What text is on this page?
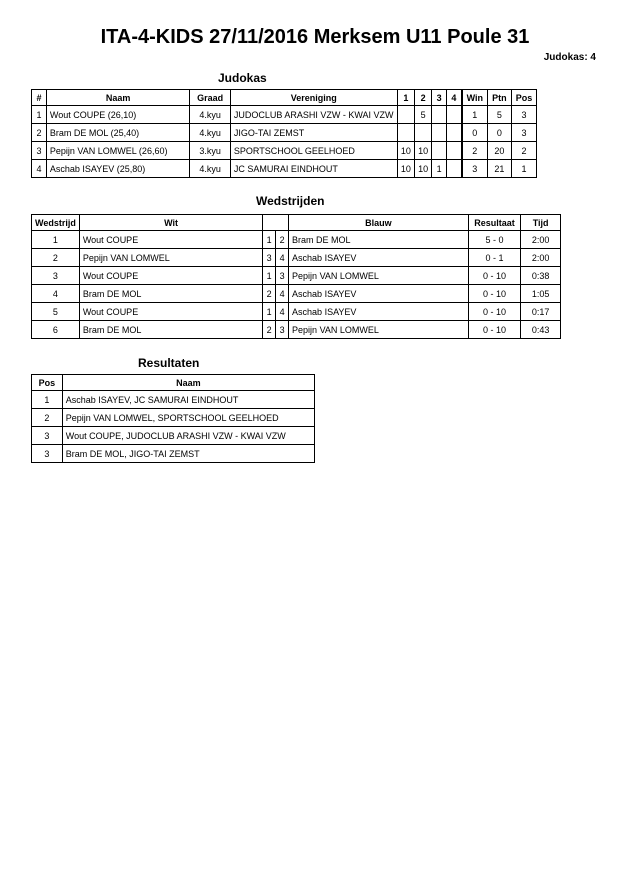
ITA-4-KIDS 27/11/2016 Merksem U11 Poule 31
Judokas: 4
Judokas
#	Naam	Graad	Vereniging	1	2	3	4	Win	Ptn	Pos
1	Wout COUPE (26,10)	4.kyu	JUDOCLUB ARASHI VZW - KWAI VZW		5			1	5	3
2	Bram DE MOL (25,40)	4.kyu	JIGO-TAI ZEMST					0	0	3
3	Pepijn VAN LOMWEL (26,60)	3.kyu	SPORTSCHOOL GEELHOED	10	10			2	20	2
4	Aschab ISAYEV (25,80)	4.kyu	JC SAMURAI EINDHOUT	10	10	1		3	21	1
Wedstrijden
Wedstrijd	Wit			Blauw	Resultaat	Tijd
1	Wout COUPE	1	2	Bram DE MOL	5 - 0	2:00
2	Pepijn VAN LOMWEL	3	4	Aschab ISAYEV	0 - 1	2:00
3	Wout COUPE	1	3	Pepijn VAN LOMWEL	0 - 10	0:38
4	Bram DE MOL	2	4	Aschab ISAYEV	0 - 10	1:05
5	Wout COUPE	1	4	Aschab ISAYEV	0 - 10	0:17
6	Bram DE MOL	2	3	Pepijn VAN LOMWEL	0 - 10	0:43
Resultaten
Pos	Naam
1	Aschab ISAYEV, JC SAMURAI EINDHOUT
2	Pepijn VAN LOMWEL, SPORTSCHOOL GEELHOED
3	Wout COUPE, JUDOCLUB ARASHI VZW - KWAI VZW
3	Bram DE MOL, JIGO-TAI ZEMST
